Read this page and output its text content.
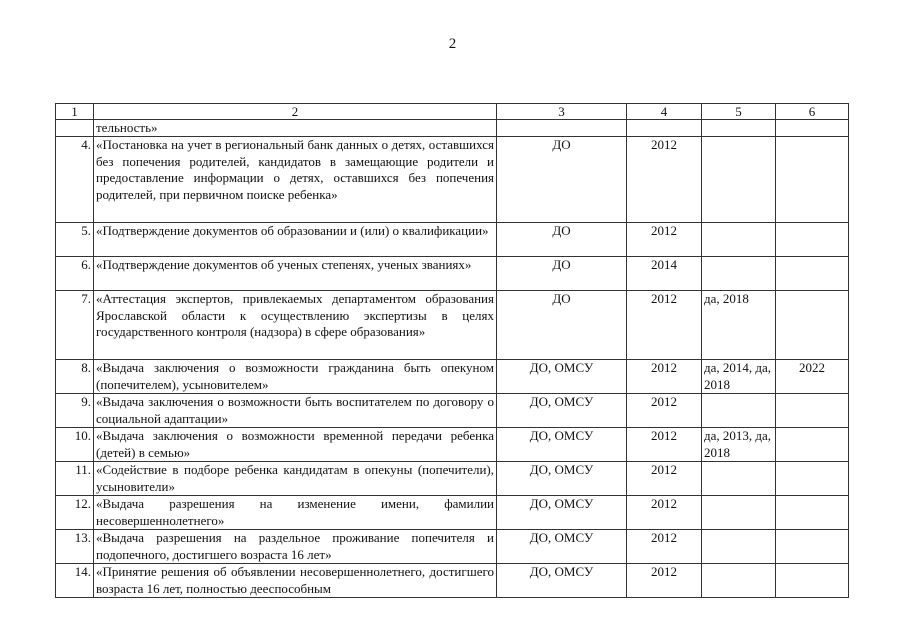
2
1	2	3	4	5	6
	тельность»				
4.	«Постановка на учет в региональный банк данных о детях, оставшихся без попечения родителей, кандидатов в замещающие родители и предоставление информации о детях, оставшихся без попечения родителей, при первичном поиске ребенка»	ДО	2012		
5.	«Подтверждение документов об образовании и (или) о квалификации»	ДО	2012		
6.	«Подтверждение документов об ученых степенях, ученых званиях»	ДО	2014		
7.	«Аттестация экспертов, привлекаемых департаментом образования Ярославской области к осуществлению экспертизы в целях государственного контроля (надзора) в сфере образования»	ДО	2012	да, 2018	
8.	«Выдача заключения о возможности гражданина быть опекуном (попечителем), усыновителем»	ДО, ОМСУ	2012	да, 2014, да, 2018	2022
9.	«Выдача заключения о возможности быть воспитателем по договору о социальной адаптации»	ДО, ОМСУ	2012		
10.	«Выдача заключения о возможности временной передачи ребенка (детей) в семью»	ДО, ОМСУ	2012	да, 2013, да, 2018	
11.	«Содействие в подборе ребенка кандидатам в опекуны (попечители), усыновители»	ДО, ОМСУ	2012		
12.	«Выдача разрешения на изменение имени, фамилии несовершеннолетнего»	ДО, ОМСУ	2012		
13.	«Выдача разрешения на раздельное проживание попечителя и подопечного, достигшего возраста 16 лет»	ДО, ОМСУ	2012		
14.	«Принятие решения об объявлении несовершеннолетнего, достигшего возраста 16 лет, полностью дееспособным	ДО, ОМСУ	2012		
